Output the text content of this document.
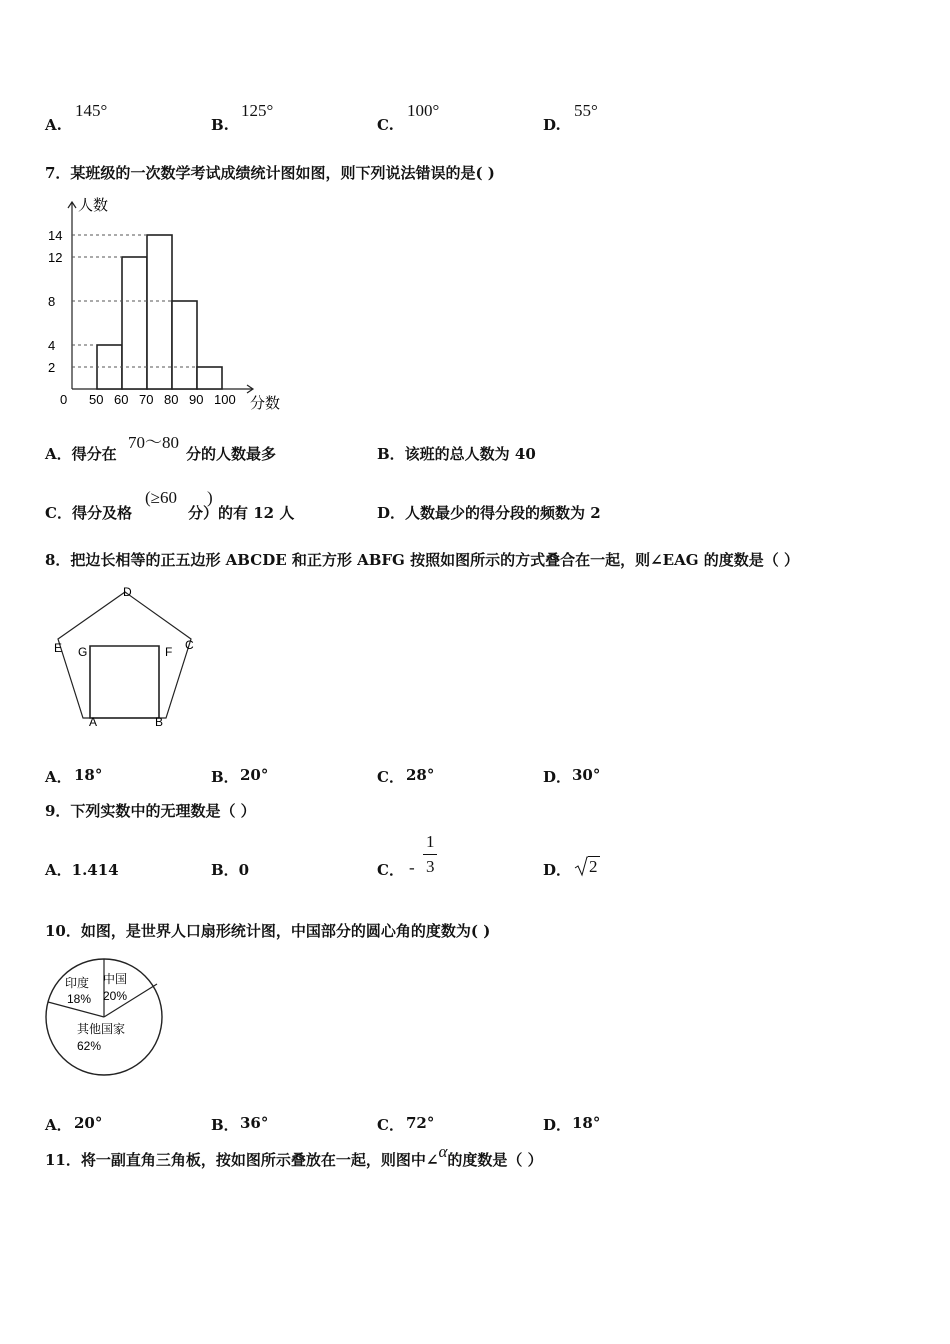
A.
145°
B.
125°
C.
100°
D.
55°
7．某班级的一次数学考试成绩统计图如图，则下列说法错误的是( )
人数
分数
2
4
8
12
14
0 50 60 70 80 90 100
A．得分在
70～80
分的人数最多	B．该班的总人数为 40
C．得分及格
(≥60 )
分）的有 12 人	D．人数最少的得分段的频数为 2
8．把边长相等的正五边形 ABCDE 和正方形 ABFG 按照如图所示的方式叠合在一起，则∠EAG 的度数是（ ）
D
C
E G	F
A	B
A． 18°	B． 20°	C． 28°	D． 30°
9．下列实数中的无理数是（ ）
A．1.414	B．0	C． -
1
3	D． 2
10．如图，是世界人口扇形统计图，中国部分的圆心角的度数为( )
印度
18%
中国
20%
其他国家
62%
A． 20°	B． 36°	C． 72°	D． 18°
11．将一副直角三角板，按如图所示叠放在一起，则图中∠α的度数是（ ）
